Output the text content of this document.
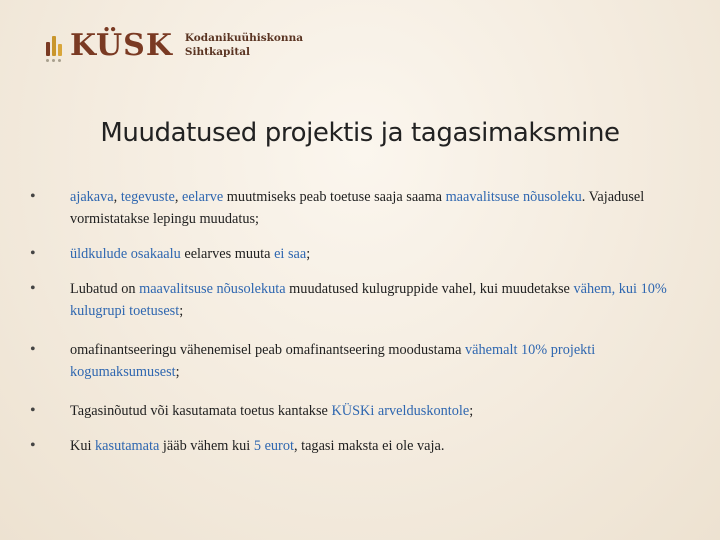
KÜSK Kodanikuühiskonna
Sihtkapital
Muudatused projektis ja tagasimaksmine
• ajakava, tegevuste, eelarve muutmiseks peab toetuse saaja saama maavalitsuse nõusoleku. Vajadusel vormistatakse lepingu muudatus;
• üldkulude osakaalu eelarves muuta ei saa;
• Lubatud on maavalitsuse nõusolekuta muudatused kulugruppide vahel, kui muudetakse vähem, kui 10% kulugrupi toetusest;
• omafinantseeringu vähenemisel peab omafinantseering moodustama vähemalt 10% projekti kogumaksumusest;
• Tagasinõutud või kasutamata toetus kantakse KÜSKi arvelduskontole;
• Kui kasutamata jääb vähem kui 5 eurot, tagasi maksta ei ole vaja.
